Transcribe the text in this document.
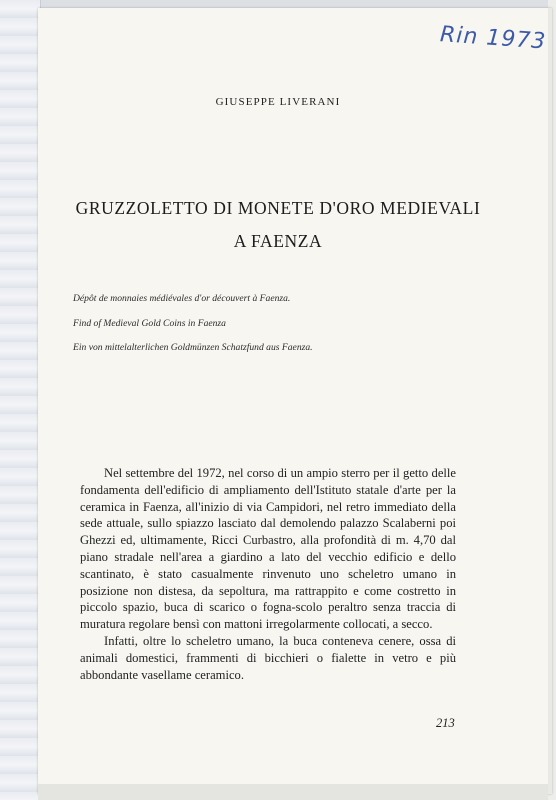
Rin 1973
GIUSEPPE LIVERANI
GRUZZOLETTO DI MONETE D'ORO MEDIEVALI
A FAENZA
Dépôt de monnaies médiévales d'or découvert à Faenza.
Find of Medieval Gold Coins in Faenza
Ein von mittelalterlichen Goldmünzen Schatzfund aus Faenza.

Nel settembre del 1972, nel corso di un ampio sterro per il getto delle fondamenta dell'edificio di ampliamento dell'Istituto statale d'arte per la ceramica in Faenza, all'inizio di via Campidori, nel retro immediato della sede attuale, sullo spiazzo lasciato dal demolendo palazzo Scalaberni poi Ghezzi ed, ultimamente, Ricci Curbastro, alla profondità di m. 4,70 dal piano stradale nell'area a giardino a lato del vecchio edificio e dello scantinato, è stato casualmente rinvenuto uno scheletro umano in posizione non distesa, da sepoltura, ma rattrappito e come costretto in piccolo spazio, buca di scarico o fogna-scolo peraltro senza traccia di muratura regolare bensì con mattoni irregolarmente collocati, a secco.

Infatti, oltre lo scheletro umano, la buca conteneva cenere, ossa di animali domestici, frammenti di bicchieri o fialette in vetro e più abbondante vasellame ceramico.

213
